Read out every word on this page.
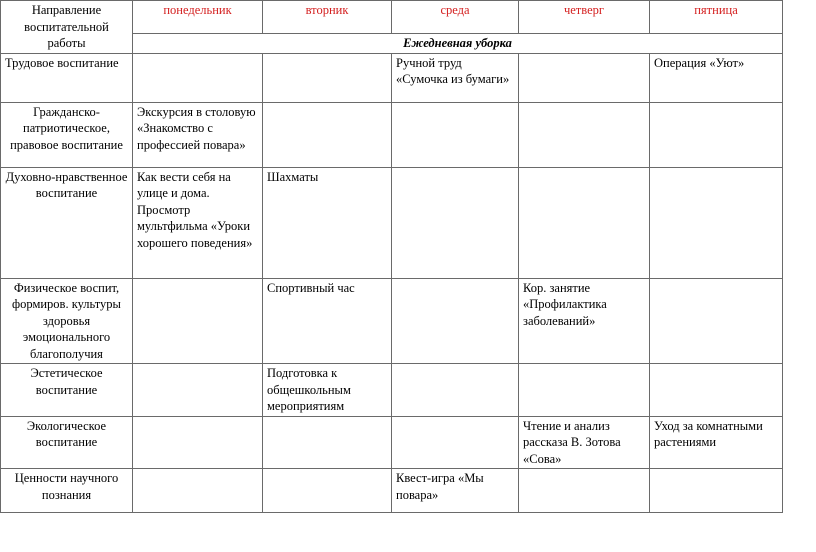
Направление воспитательной работы	понедельник	вторник	среда	четверг	пятница
	Ежедневная уборка				
Трудовое воспитание			Ручной труд «Сумочка из бумаги»		Операция «Уют»
Гражданско-патриотическое, правовое воспитание	Экскурсия в столовую «Знакомство с профессией повара»				
Духовно-нравственное воспитание	Как вести себя на улице и дома. Просмотр мультфильма «Уроки хорошего поведения»	Шахматы			
Физическое воспит, формиров. культуры здоровья эмоционального благополучия		Спортивный час		Кор. занятие «Профилактика заболеваний»	
Эстетическое воспитание		Подготовка к общешкольным мероприятиям			
Экологическое воспитание				Чтение и анализ рассказа В. Зотова «Сова»	Уход за комнатными растениями
Ценности научного познания			Квест-игра «Мы повара»		
